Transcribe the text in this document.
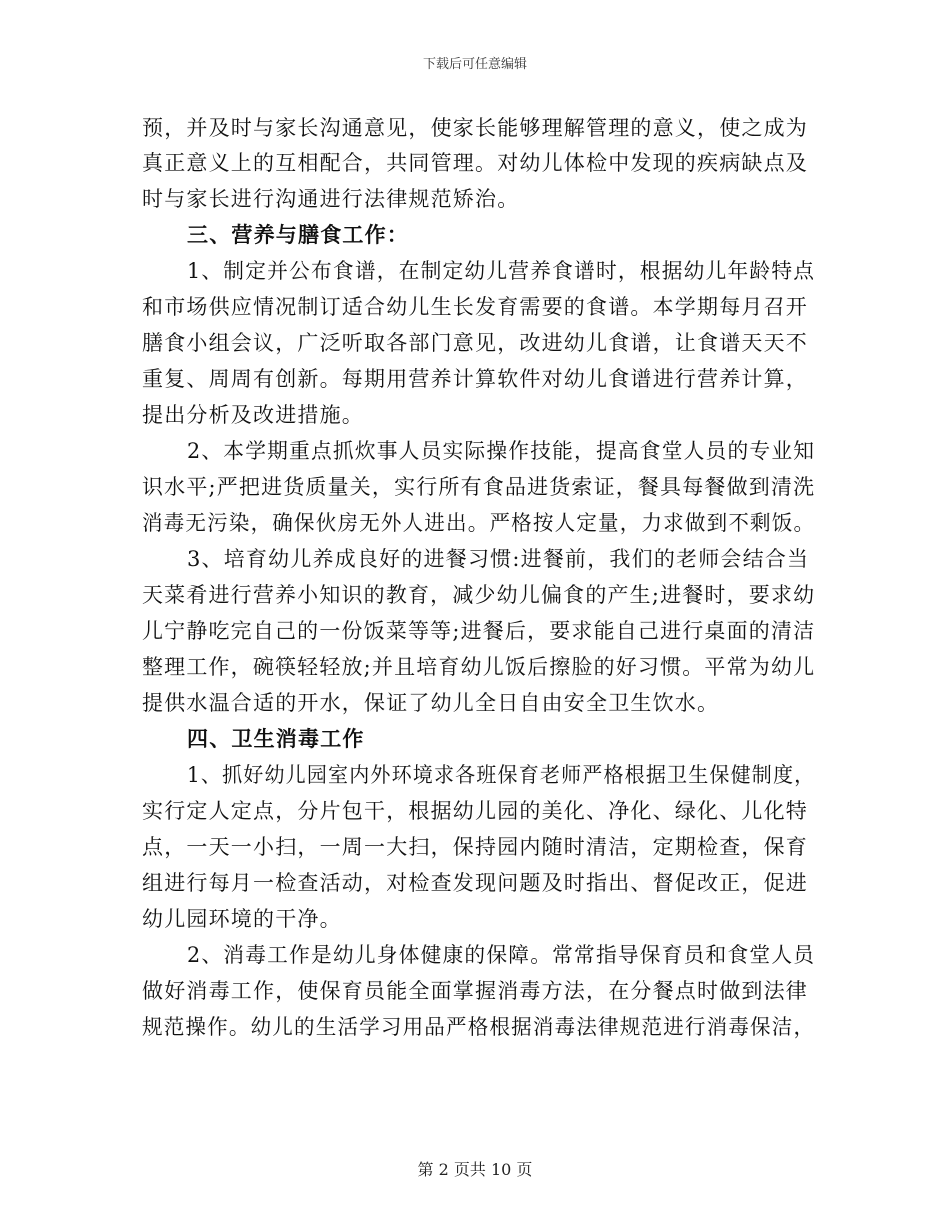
下载后可任意编辑
预，并及时与家长沟通意见，使家长能够理解管理的意义，使之成为
真正意义上的互相配合，共同管理。对幼儿体检中发现的疾病缺点及
时与家长进行沟通进行法律规范矫治。
三、营养与膳食工作：
1、制定并公布食谱，在制定幼儿营养食谱时，根据幼儿年龄特点
和市场供应情况制订适合幼儿生长发育需要的食谱。本学期每月召开
膳食小组会议，广泛听取各部门意见，改进幼儿食谱，让食谱天天不
重复、周周有创新。每期用营养计算软件对幼儿食谱进行营养计算，
提出分析及改进措施。
2、本学期重点抓炊事人员实际操作技能，提高食堂人员的专业知
识水平;严把进货质量关，实行所有食品进货索证，餐具每餐做到清洗
消毒无污染，确保伙房无外人进出。严格按人定量，力求做到不剩饭。
3、培育幼儿养成良好的进餐习惯:进餐前，我们的老师会结合当
天菜肴进行营养小知识的教育，减少幼儿偏食的产生;进餐时，要求幼
儿宁静吃完自己的一份饭菜等等;进餐后，要求能自己进行桌面的清洁
整理工作，碗筷轻轻放;并且培育幼儿饭后擦脸的好习惯。平常为幼儿
提供水温合适的开水，保证了幼儿全日自由安全卫生饮水。
四、卫生消毒工作
1、抓好幼儿园室内外环境求各班保育老师严格根据卫生保健制度，
实行定人定点，分片包干，根据幼儿园的美化、净化、绿化、儿化特
点，一天一小扫，一周一大扫，保持园内随时清洁，定期检查，保育
组进行每月一检查活动，对检查发现问题及时指出、督促改正，促进
幼儿园环境的干净。
2、消毒工作是幼儿身体健康的保障。常常指导保育员和食堂人员
做好消毒工作，使保育员能全面掌握消毒方法，在分餐点时做到法律
规范操作。幼儿的生活学习用品严格根据消毒法律规范进行消毒保洁，
第 2 页共 10 页
